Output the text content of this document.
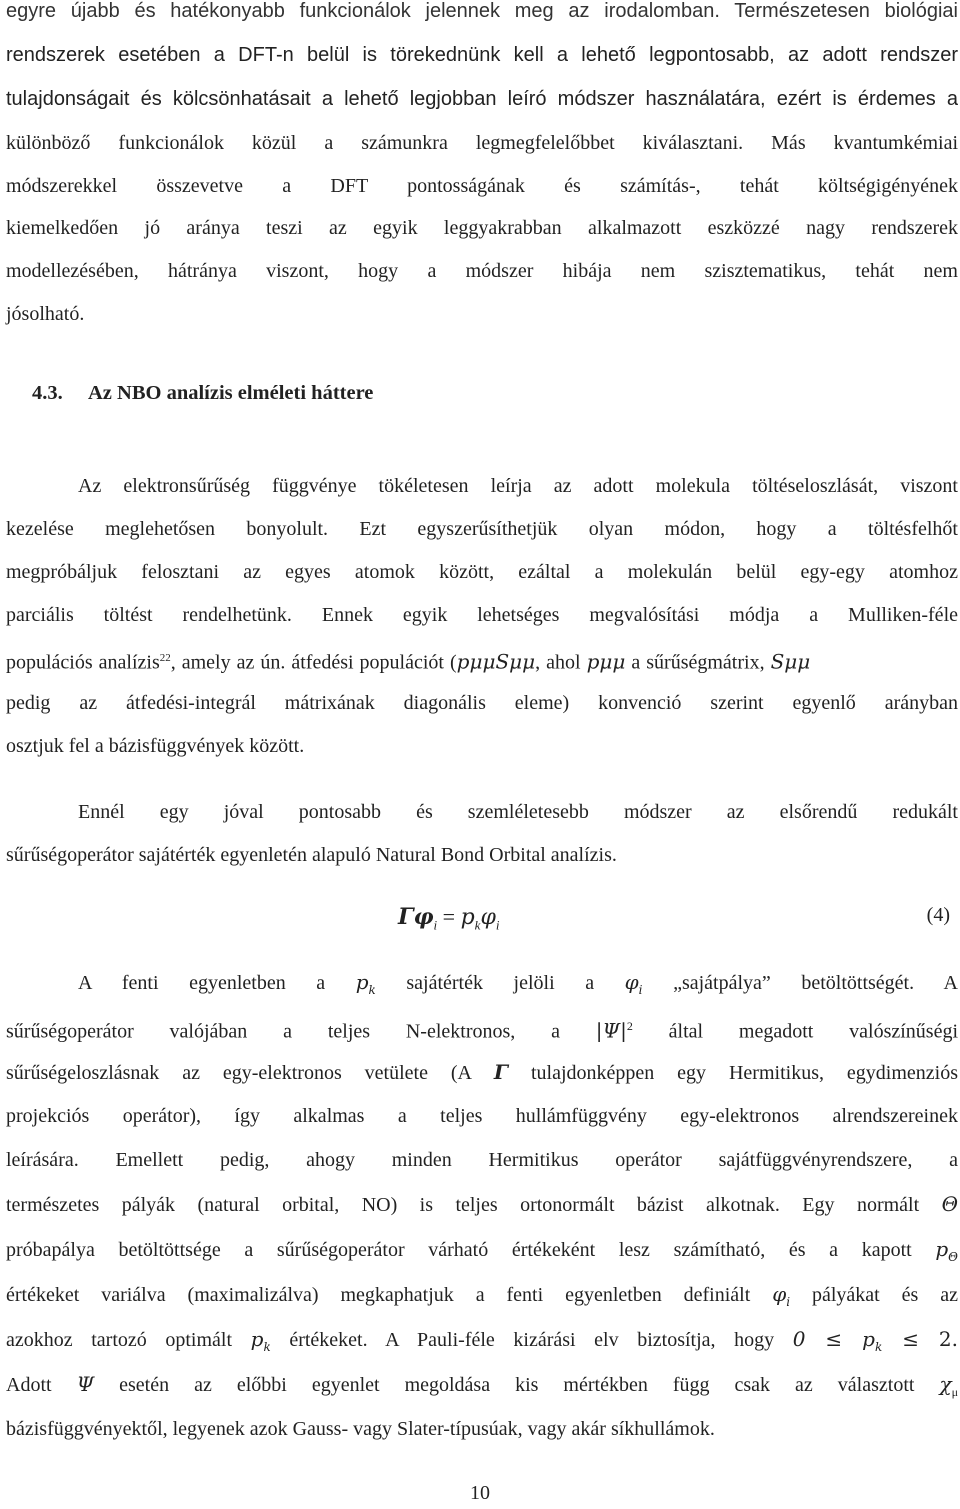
egyre újabb és hatékonyabb funkcionálok jelennek meg az irodalomban. Természetesen biológiai
rendszerek esetében a DFT-n belül is törekednünk kell a lehető legpontosabb, az adott rendszer
tulajdonságait és kölcsönhatásait a lehető legjobban leíró módszer használatára, ezért is érdemes a
különböző funkcionálok közül a számunkra legmegfelelőbbet kiválasztani. Más kvantumkémiai
módszerekkel összevetve a DFT pontosságának és számítás-, tehát költségigényének
kiemelkedően jó aránya teszi az egyik leggyakrabban alkalmazott eszközzé nagy rendszerek
modellezésében, hátránya viszont, hogy a módszer hibája nem szisztematikus, tehát nem
jósolható.
4.3. Az NBO analízis elméleti háttere
Az elektronsűrűség függvénye tökéletesen leírja az adott molekula töltéseloszlását, viszont
kezelése meglehetősen bonyolult. Ezt egyszerűsíthetjük olyan módon, hogy a töltésfelhőt
megpróbáljuk felosztani az egyes atomok között, ezáltal a molekulán belül egy-egy atomhoz
parciális töltést rendelhetünk. Ennek egyik lehetséges megvalósítási módja a Mulliken-féle
populációs analízis$^{22}$, amely az ún. átfedési populációt (pμμSμμ, ahol pμμ a sűrűségmátrix, Sμμ
pedig az átfedési-integrál mátrixának diagonális eleme) konvenció szerint egyenlő arányban
osztjuk fel a bázisfüggvények között.
Ennél egy jóval pontosabb és szemléletesebb módszer az elsőrendű redukált
sűrűségoperátor sajátérték egyenletén alapuló Natural Bond Orbital analízis.
$\Gamma\varphi_i = p_k\varphi_i$	(4)
A fenti egyenletben a $p_k$ sajátérték jelöli a $\varphi_i$ „sajátpálya” betöltöttségét. A
sűrűségoperátor valójában a teljes N-elektronos, a $|\Psi|^2$ által megadott valószínűségi
sűrűségeloszlásnak az egy-elektronos vetülete (A Γ tulajdonképpen egy Hermitikus, egydimenziós
projekciós operátor), így alkalmas a teljes hullámfüggvény egy-elektronos alrendszereinek
leírására. Emellett pedig, ahogy minden Hermitikus operátor sajátfüggvényrendszere, a
természetes pályák (natural orbital, NO) is teljes ortonormált bázist alkotnak. Egy normált Θ
próbapálya betöltöttsége a sűrűségoperátor várható értékeként lesz számítható, és a kapott $p_\Theta$
értékeket variálva (maximalizálva) megkaphatjuk a fenti egyenletben definiált $\varphi_i$ pályákat és az
azokhoz tartozó optimált $p_k$ értékeket. A Pauli-féle kizárási elv biztosítja, hogy $0 \le p_k \le 2$.
Adott Ψ esetén az előbbi egyenlet megoldása kis mértékben függ csak az választott $\chi_\mu$
bázisfüggvényektől, legyenek azok Gauss- vagy Slater-típusúak, vagy akár síkhullámok.
10
